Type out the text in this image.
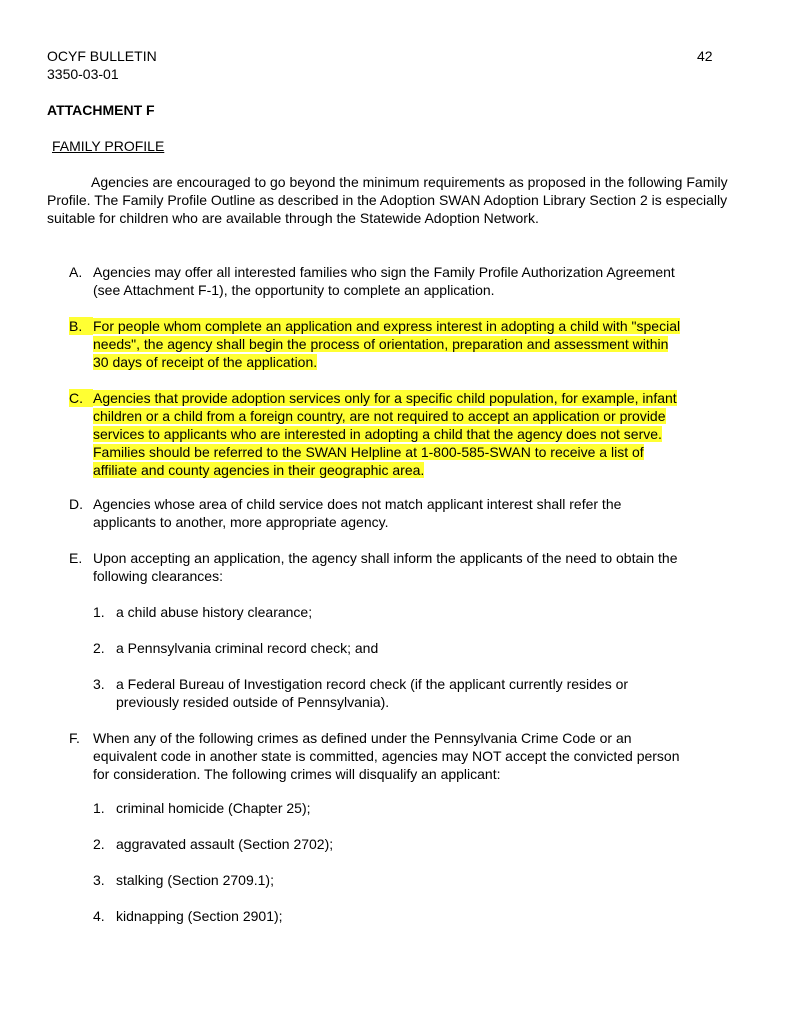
OCYF BULLETIN
3350-03-01
42
ATTACHMENT F
FAMILY PROFILE

Agencies are encouraged to go beyond the minimum requirements as proposed in the following Family Profile. The Family Profile Outline as described in the Adoption SWAN Adoption Library Section 2 is especially suitable for children who are available through the Statewide Adoption Network.

A. Agencies may offer all interested families who sign the Family Profile Authorization Agreement
(see Attachment F-1), the opportunity to complete an application.
B. For people whom complete an application and express interest in adopting a child with "special
needs", the agency shall begin the process of orientation, preparation and assessment within
30 days of receipt of the application.
C. Agencies that provide adoption services only for a specific child population, for example, infant
children or a child from a foreign country, are not required to accept an application or provide
services to applicants who are interested in adopting a child that the agency does not serve.
Families should be referred to the SWAN Helpline at 1-800-585-SWAN to receive a list of
affiliate and county agencies in their geographic area.
D. Agencies whose area of child service does not match applicant interest shall refer the
applicants to another, more appropriate agency.
E. Upon accepting an application, the agency shall inform the applicants of the need to obtain the
following clearances:
1. a child abuse history clearance;
2. a Pennsylvania criminal record check; and
3. a Federal Bureau of Investigation record check (if the applicant currently resides or
previously resided outside of Pennsylvania).
F. When any of the following crimes as defined under the Pennsylvania Crime Code or an
equivalent code in another state is committed, agencies may NOT accept the convicted person
for consideration. The following crimes will disqualify an applicant:
1. criminal homicide (Chapter 25);
2. aggravated assault (Section 2702);
3. stalking (Section 2709.1);
4. kidnapping (Section 2901);
